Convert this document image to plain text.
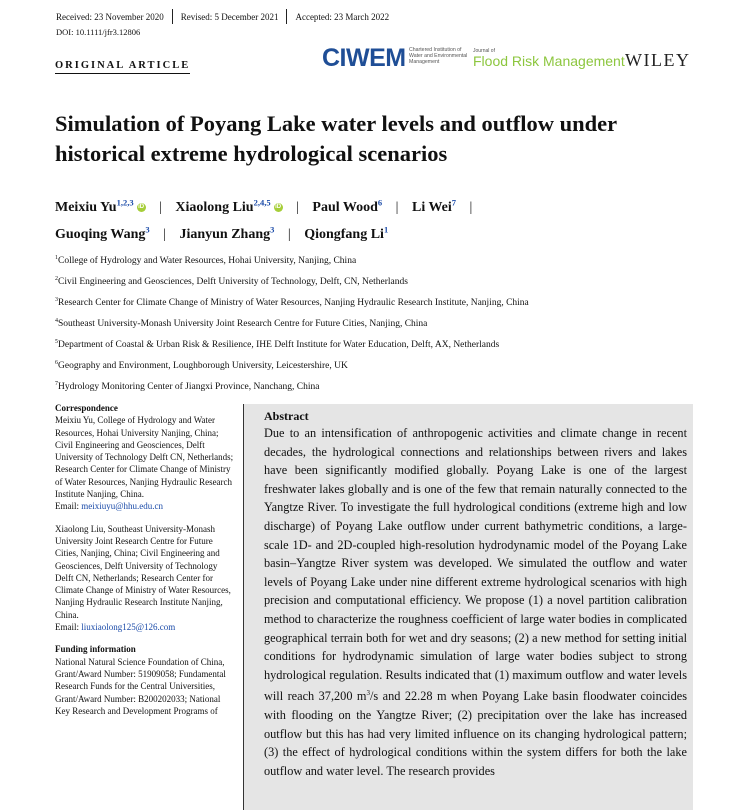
Received: 23 November 2020 Revised: 5 December 2021 Accepted: 23 March 2022
DOI: 10.1111/jfr3.12806
ORIGINAL ARTICLE	CIWEM Chartered Institution of Water and Environmental Management
Journal of
Flood Risk Management WILEY
Simulation of Poyang Lake water levels and outflow under historical extreme hydrological scenarios
Meixiu Yu$^{1,2,3}$ iD | Xiaolong Liu$^{2,4,5}$ iD | Paul Wood$^6$ | Li Wei$^7$ |
Guoqing Wang$^3$ | Jianyun Zhang$^3$ | Qiongfang Li$^1$
$^1$College of Hydrology and Water Resources, Hohai University, Nanjing, China
$^2$Civil Engineering and Geosciences, Delft University of Technology, Delft, CN, Netherlands
$^3$Research Center for Climate Change of Ministry of Water Resources, Nanjing Hydraulic Research Institute, Nanjing, China
$^4$Southeast University-Monash University Joint Research Centre for Future Cities, Nanjing, China
$^5$Department of Coastal & Urban Risk & Resilience, IHE Delft Institute for Water Education, Delft, AX, Netherlands
$^6$Geography and Environment, Loughborough University, Leicestershire, UK
$^7$Hydrology Monitoring Center of Jiangxi Province, Nanchang, China
Correspondence
Meixiu Yu, College of Hydrology and Water Resources, Hohai University Nanjing, China; Civil Engineering and Geosciences, Delft University of Technology Delft CN, Netherlands; Research Center for Climate Change of Ministry of Water Resources, Nanjing Hydraulic Research Institute Nanjing, China.
Email: meixiuyu@hhu.edu.cn
Xiaolong Liu, Southeast University-Monash University Joint Research Centre for Future Cities, Nanjing, China; Civil Engineering and Geosciences, Delft University of Technology Delft CN, Netherlands; Research Center for Climate Change of Ministry of Water Resources, Nanjing Hydraulic Research Institute Nanjing, China.
Email: liuxiaolong125@126.com
Funding information
National Natural Science Foundation of China, Grant/Award Number: 51909058; Fundamental Research Funds for the Central Universities, Grant/Award Number: B200202033; National Key Research and Development Programs of
Abstract
Due to an intensification of anthropogenic activities and climate change in recent decades, the hydrological connections and relationships between rivers and lakes have been significantly modified globally. Poyang Lake is one of the largest freshwater lakes globally and is one of the few that remain naturally connected to the Yangtze River. To investigate the full hydrological conditions (extreme high and low discharge) of Poyang Lake outflow under current bathymetric conditions, a large-scale 1D- and 2D-coupled high-resolution hydrodynamic model of the Poyang Lake basin–Yangtze River system was developed. We simulated the outflow and water levels of Poyang Lake under nine different extreme hydrological scenarios with high precision and computational efficiency. We propose (1) a novel partition calibration method to characterize the roughness coefficient of large water bodies in complicated geographical terrain both for wet and dry seasons; (2) a new method for setting initial conditions for hydrodynamic simulation of large water bodies subject to strong hydrological regulation. Results indicated that (1) maximum outflow and water levels will reach 37,200 $m^3/s$ and 22.28 m when Poyang Lake basin floodwater coincides with flooding on the Yangtze River; (2) precipitation over the lake has increased outflow but this has had very limited influence on its changing hydrological pattern; (3) the effect of hydrological conditions within the system differs for both the lake outflow and water level. The research provides
